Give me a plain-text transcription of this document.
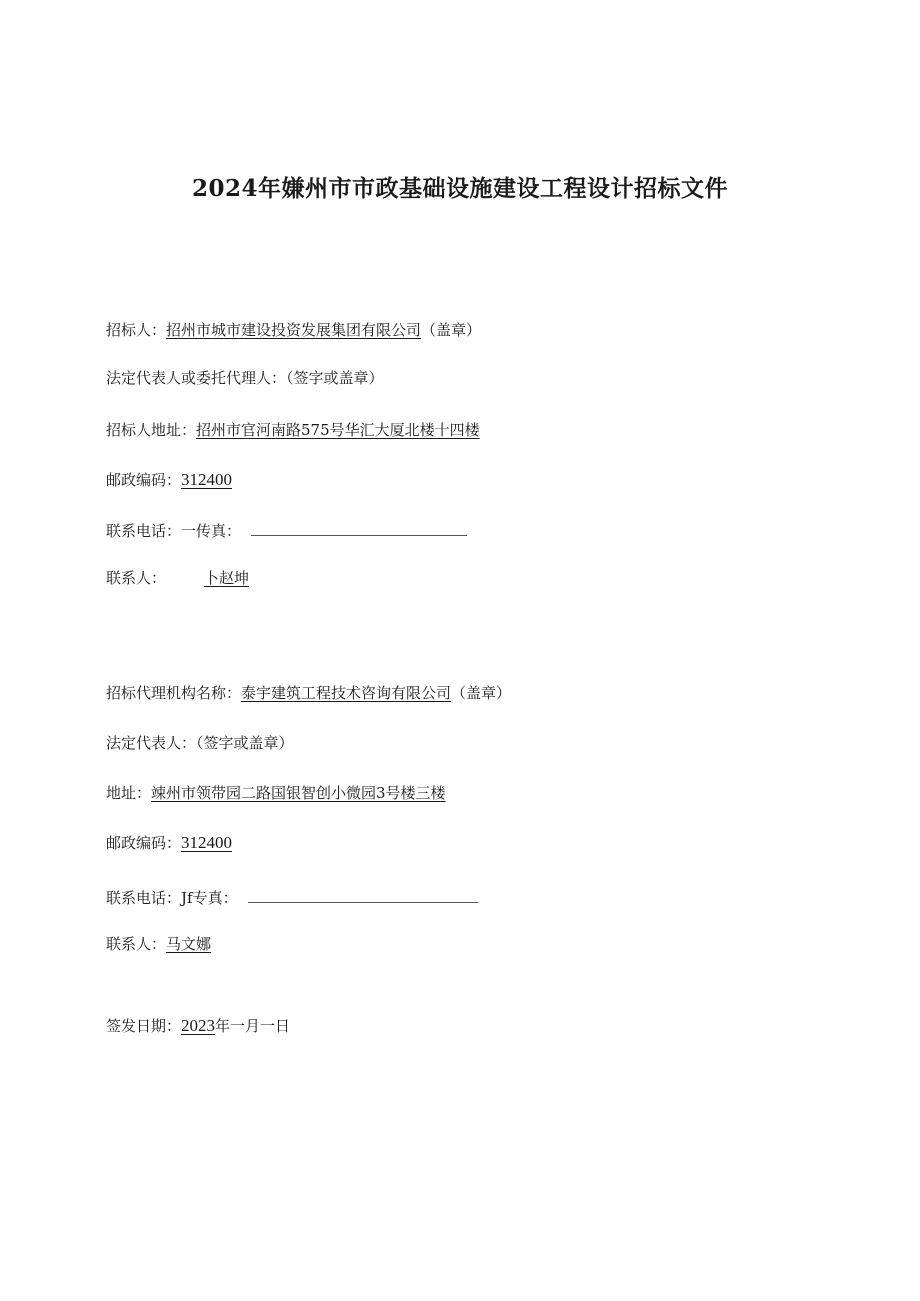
2024年嫌州市市政基础设施建设工程设计招标文件
招标人：招州市城市建设投资发展集团有限公司（盖章）
法定代表人或委托代理人：（签字或盖章）
招标人地址：招州市官河南路575号华汇大厦北楼十四楼
邮政编码：312400
联系电话：一传真：
联系人：	卜赵坤
招标代理机构名称：泰宇建筑工程技术咨询有限公司（盖章）
法定代表人：（签字或盖章）
地址：竦州市领带园二路国银智创小微园3号楼三楼
邮政编码：312400
联系电话：Jf专真：
联系人：马文娜
签发日期：2023年一月一日
